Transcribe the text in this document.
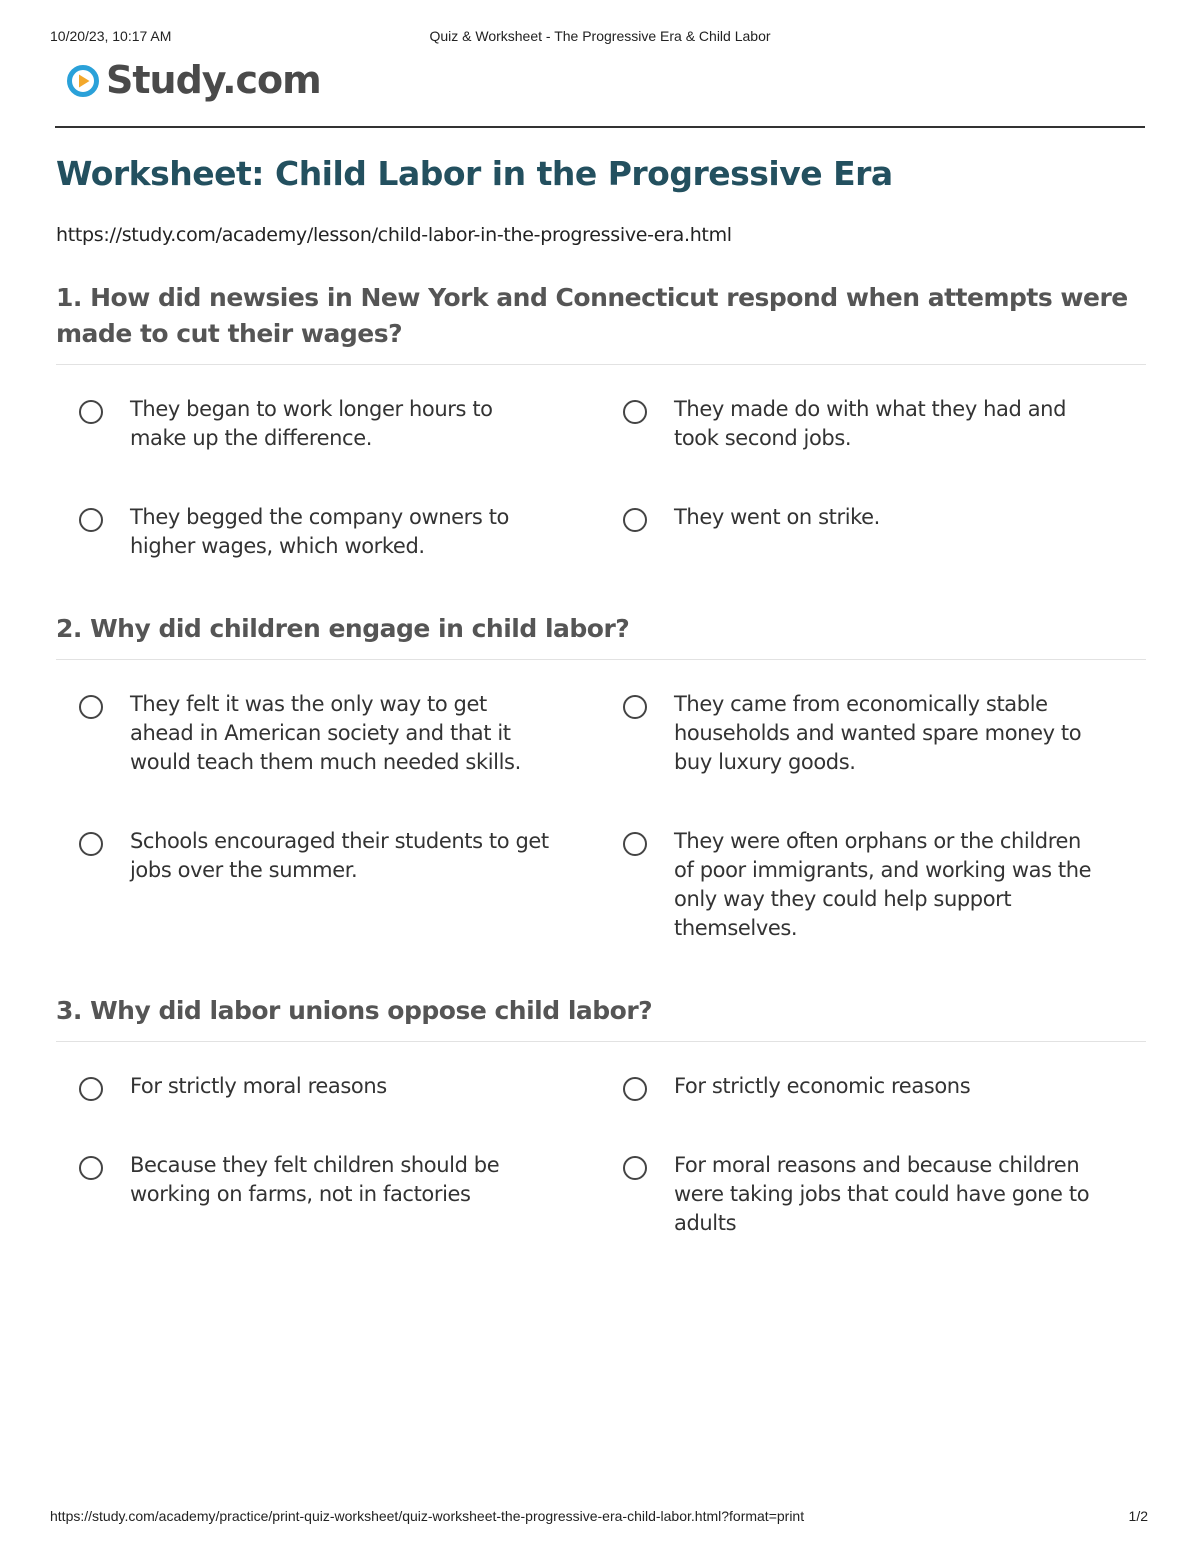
10/20/23, 10:17 AM	Quiz & Worksheet - The Progressive Era & Child Labor
Study.com
Worksheet: Child Labor in the Progressive Era
https://study.com/academy/lesson/child-labor-in-the-progressive-era.html
1. How did newsies in New York and Connecticut respond when attempts were made to cut their wages?
They began to work longer hours to make up the difference.
They made do with what they had and took second jobs.
They begged the company owners to higher wages, which worked.
They went on strike.
2. Why did children engage in child labor?
They felt it was the only way to get ahead in American society and that it would teach them much needed skills.
They came from economically stable households and wanted spare money to buy luxury goods.
Schools encouraged their students to get jobs over the summer.
They were often orphans or the children of poor immigrants, and working was the only way they could help support themselves.
3. Why did labor unions oppose child labor?
For strictly moral reasons	For strictly economic reasons
Because they felt children should be working on farms, not in factories
For moral reasons and because children were taking jobs that could have gone to adults
https://study.com/academy/practice/print-quiz-worksheet/quiz-worksheet-the-progressive-era-child-labor.html?format=print	1/2
